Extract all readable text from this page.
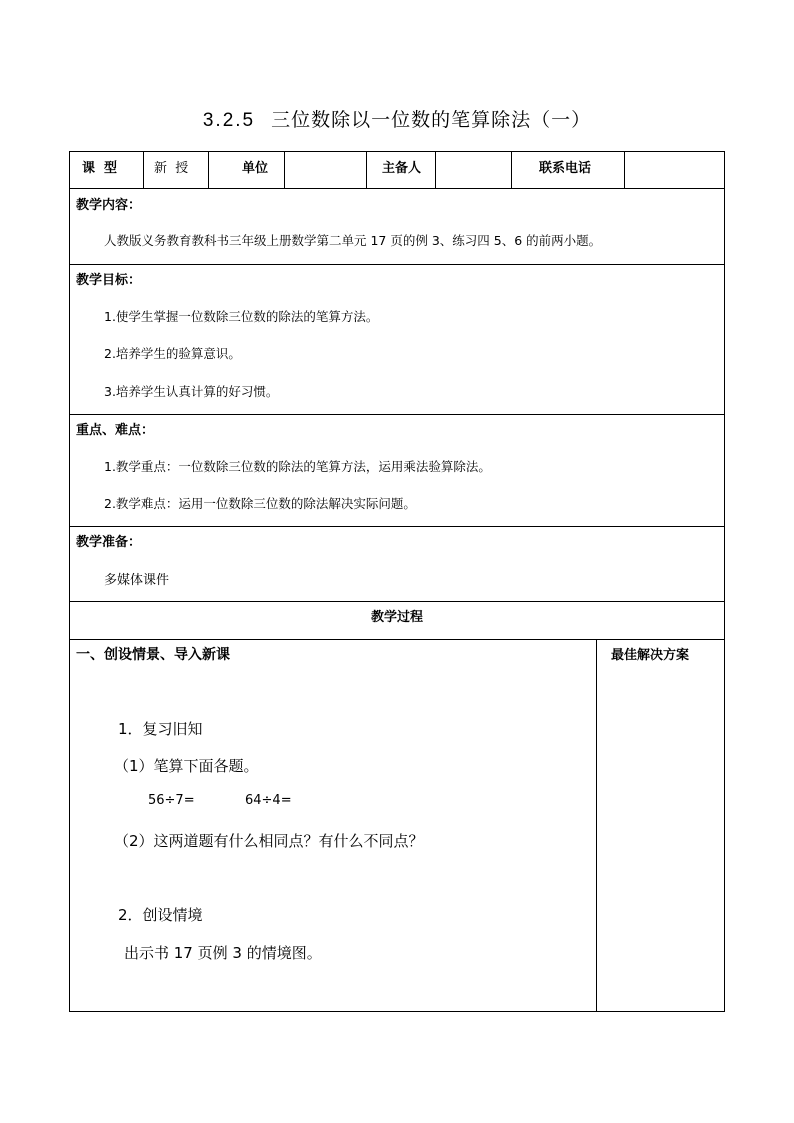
3.2.5 三位数除以一位数的笔算除法（一）
课  型	新  授	单位	主备人	联系电话
教学内容：
人教版义务教育教科书三年级上册数学第二单元 17 页的例 3、练习四 5、6 的前两小题。
教学目标：
1.使学生掌握一位数除三位数的除法的笔算方法。
2.培养学生的验算意识。
3.培养学生认真计算的好习惯。
重点、难点：
1.教学重点：一位数除三位数的除法的笔算方法，运用乘法验算除法。
2.教学难点：运用一位数除三位数的除法解决实际问题。
教学准备：
多媒体课件
教学过程
一、创设情景、导入新课	最佳解决方案
1．复习旧知
（1）笔算下面各题。
56÷7=	64÷4=
（2）这两道题有什么相同点？有什么不同点？
2．创设情境
出示书 17 页例 3 的情境图。
